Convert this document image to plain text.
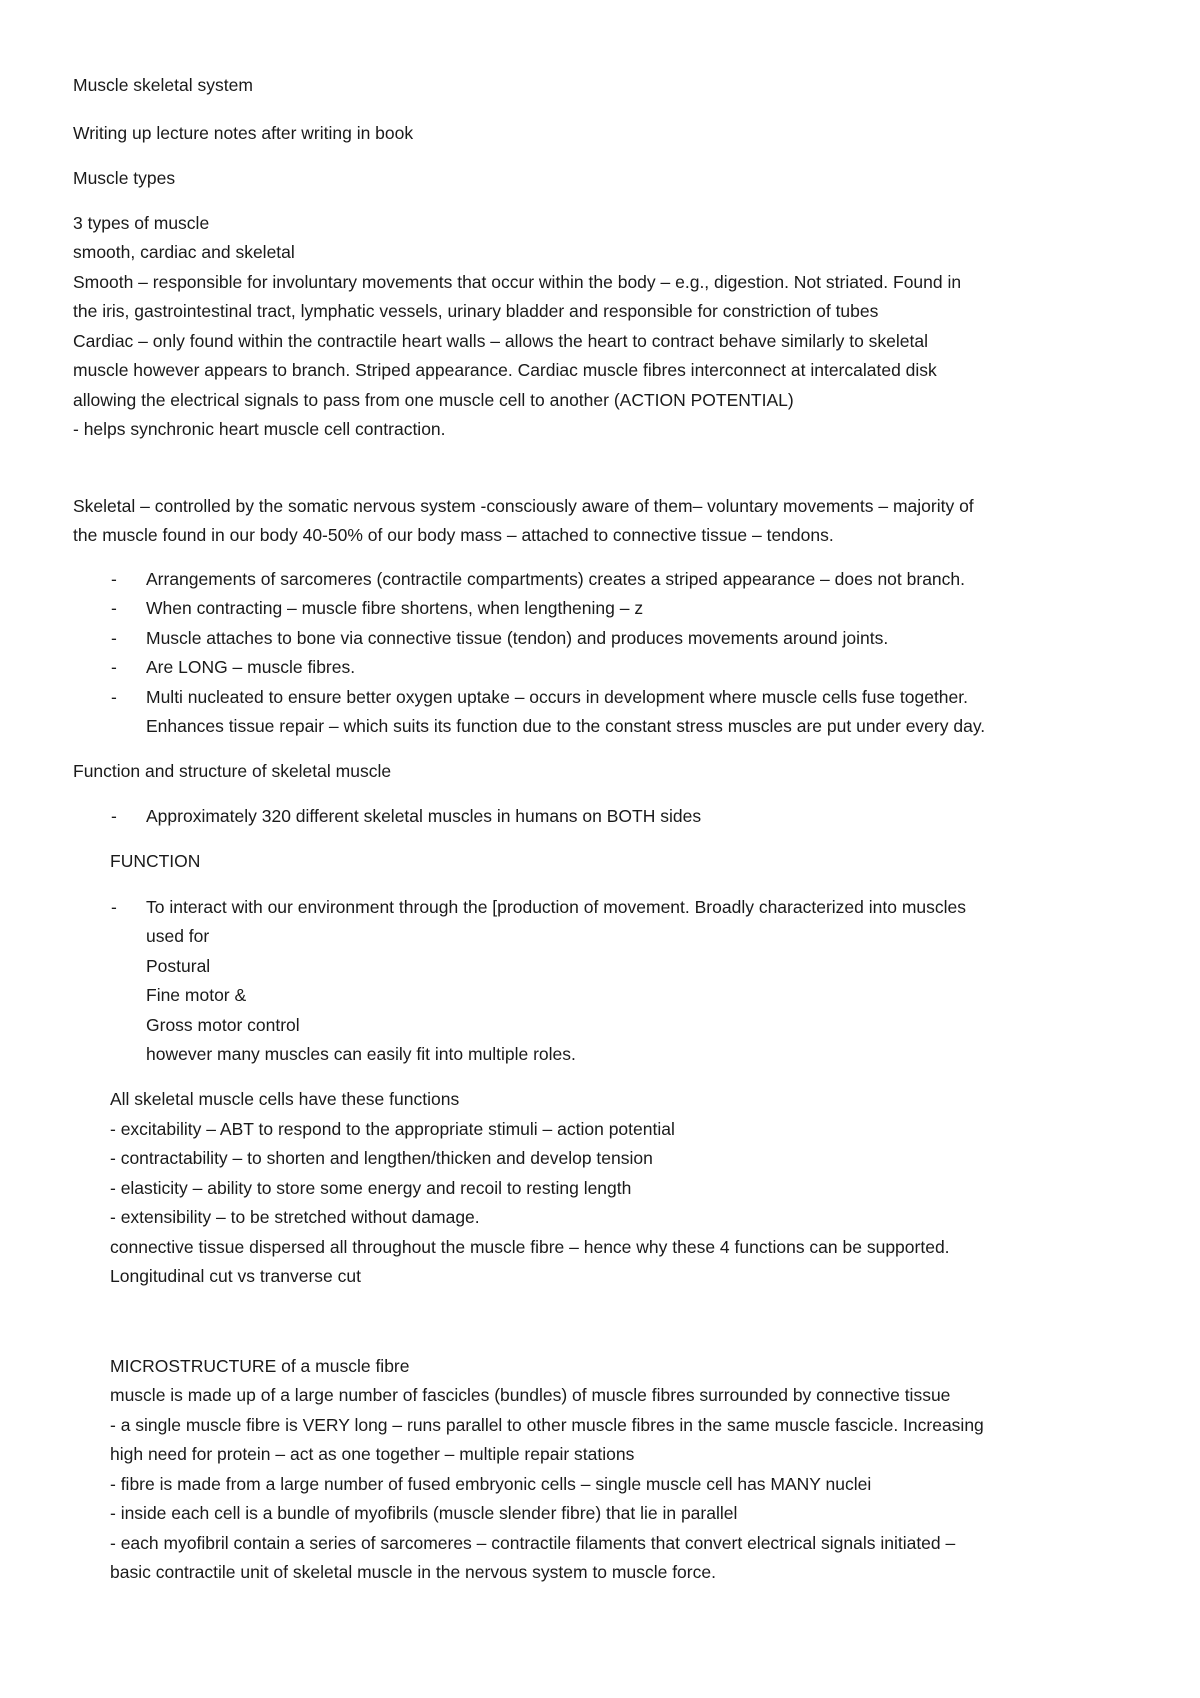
Muscle skeletal system
Writing up lecture notes after writing in book
Muscle types
3 types of muscle
smooth, cardiac and skeletal
Smooth – responsible for involuntary movements that occur within the body – e.g., digestion. Not striated. Found in
the iris, gastrointestinal tract, lymphatic vessels, urinary bladder and responsible for constriction of tubes
Cardiac – only found within the contractile heart walls – allows the heart to contract behave similarly to skeletal
muscle however appears to branch. Striped appearance. Cardiac muscle fibres interconnect at intercalated disk
allowing the electrical signals to pass from one muscle cell to another (ACTION POTENTIAL)
- helps synchronic heart muscle cell contraction.
Skeletal – controlled by the somatic nervous system -consciously aware of them– voluntary movements – majority of
the muscle found in our body 40-50% of our body mass – attached to connective tissue – tendons.
- Arrangements of sarcomeres (contractile compartments) creates a striped appearance – does not branch.
- When contracting – muscle fibre shortens, when lengthening – z
- Muscle attaches to bone via connective tissue (tendon) and produces movements around joints.
- Are LONG – muscle fibres.
- Multi nucleated to ensure better oxygen uptake – occurs in development where muscle cells fuse together.
Enhances tissue repair – which suits its function due to the constant stress muscles are put under every day.
Function and structure of skeletal muscle
- Approximately 320 different skeletal muscles in humans on BOTH sides
FUNCTION
- To interact with our environment through the [production of movement. Broadly characterized into muscles
used for
Postural
Fine motor &
Gross motor control
however many muscles can easily fit into multiple roles.
All skeletal muscle cells have these functions
- excitability – ABT to respond to the appropriate stimuli – action potential
- contractability – to shorten and lengthen/thicken and develop tension
- elasticity – ability to store some energy and recoil to resting length
- extensibility – to be stretched without damage.
connective tissue dispersed all throughout the muscle fibre – hence why these 4 functions can be supported.
Longitudinal cut vs tranverse cut
MICROSTRUCTURE of a muscle fibre
muscle is made up of a large number of fascicles (bundles) of muscle fibres surrounded by connective tissue
- a single muscle fibre is VERY long – runs parallel to other muscle fibres in the same muscle fascicle. Increasing
high need for protein – act as one together – multiple repair stations
- fibre is made from a large number of fused embryonic cells – single muscle cell has MANY nuclei
- inside each cell is a bundle of myofibrils (muscle slender fibre) that lie in parallel
- each myofibril contain a series of sarcomeres – contractile filaments that convert electrical signals initiated –
basic contractile unit of skeletal muscle in the nervous system to muscle force.
